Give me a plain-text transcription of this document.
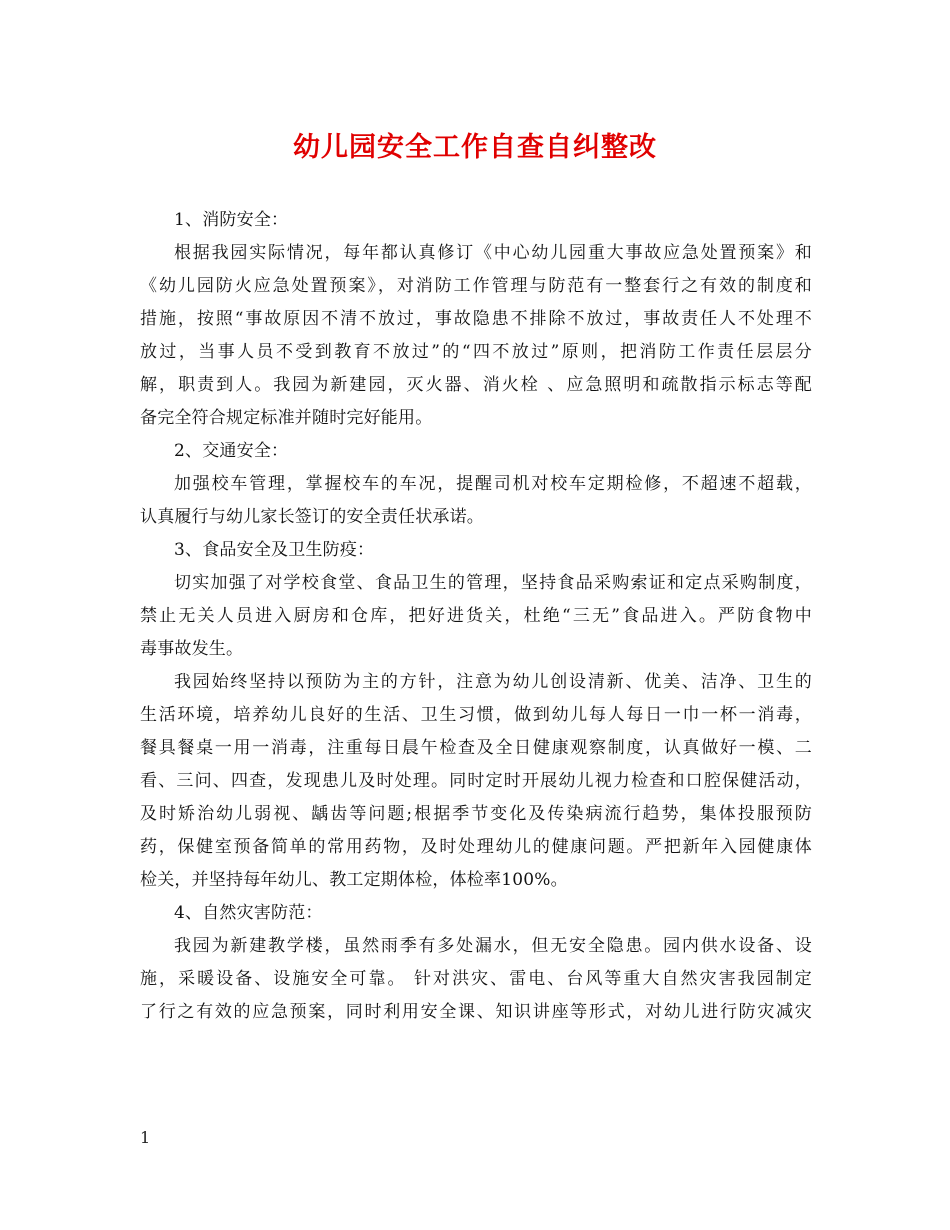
幼儿园安全工作自查自纠整改
1、消防安全：
根据我园实际情况，每年都认真修订《中心幼儿园重大事故应急处置预案》和
《幼儿园防火应急处置预案》，对消防工作管理与防范有一整套行之有效的制度和
措施，按照“事故原因不清不放过，事故隐患不排除不放过，事故责任人不处理不
放过，当事人员不受到教育不放过”的“四不放过”原则，把消防工作责任层层分
解，职责到人。我园为新建园，灭火器、消火栓 、应急照明和疏散指示标志等配
备完全符合规定标准并随时完好能用。
2、交通安全：
加强校车管理，掌握校车的车况，提醒司机对校车定期检修，不超速不超载，
认真履行与幼儿家长签订的安全责任状承诺。
3、食品安全及卫生防疫：
切实加强了对学校食堂、食品卫生的管理，坚持食品采购索证和定点采购制度，
禁止无关人员进入厨房和仓库，把好进货关，杜绝“三无”食品进入。严防食物中
毒事故发生。
我园始终坚持以预防为主的方针，注意为幼儿创设清新、优美、洁净、卫生的
生活环境，培养幼儿良好的生活、卫生习惯，做到幼儿每人每日一巾一杯一消毒，
餐具餐桌一用一消毒，注重每日晨午检查及全日健康观察制度，认真做好一模、二
看、三问、四查，发现患儿及时处理。同时定时开展幼儿视力检查和口腔保健活动，
及时矫治幼儿弱视、龋齿等问题;根据季节变化及传染病流行趋势，集体投服预防
药，保健室预备简单的常用药物，及时处理幼儿的健康问题。严把新年入园健康体
检关，并坚持每年幼儿、教工定期体检，体检率100%。
4、自然灾害防范：
我园为新建教学楼，虽然雨季有多处漏水，但无安全隐患。园内供水设备、设
施，采暖设备、设施安全可靠。 针对洪灾、雷电、台风等重大自然灾害我园制定
了行之有效的应急预案，同时利用安全课、知识讲座等形式，对幼儿进行防灾减灾
1
